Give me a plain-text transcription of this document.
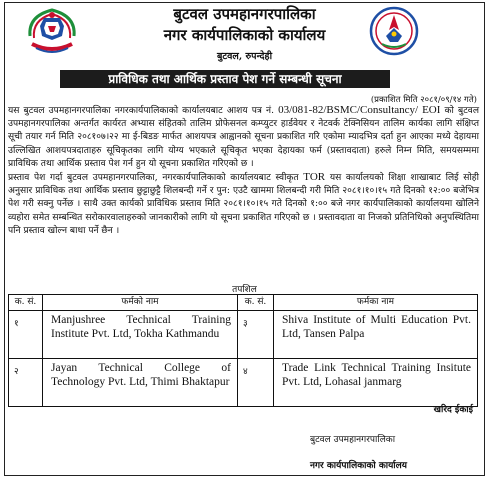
बुटवल उपमहानगरपालिका
नगर कार्यपालिकाको कार्यालय
बुटवल, रुपन्देही
प्राविधिक तथा आर्थिक प्रस्ताव पेश गर्ने सम्बन्धी सूचना
(प्रकाशित मिति २०८१/०९/१४ गते)

यस बुटवल उपमहानगरपालिका नगरकार्यपालिकाको कार्यालयबाट आशय पत्र नं. 03/081-82/BSMC/Consultancy/ EOI को बुटवल उपमहानगरपालिका अन्तर्गत कार्यरत अभ्यास संहितको तालिम प्रोफेसनल कम्प्युटर हार्डवेयर र नेटवर्क टेक्निसियन तालिम कार्यका लागि संक्षिप्त सूची तयार गर्न मिति २०८१०७।२२ मा ई-बिडङ मार्फत आशयपत्र आह्वानको सूचना प्रकाशित गरि एकोमा म्यादभित्र दर्ता हुन आएका मध्ये देहायमा उल्लिखित आशयपत्रदाताहरु सूचिकृतका लागि योग्य भएकाले सूचिकृत भएका देहायका फर्म (प्रस्तावदाता) हरुले निम्न मिति, समयसम्ममा प्राविधिक तथा आर्थिक प्रस्ताव पेश गर्न हुन यो सूचना प्रकाशित गरिएको छ ।

प्रस्ताव पेश गर्दा बुटवल उपमहानगरपालिका, नगरकार्यपालिकाको कार्यालयबाट स्वीकृत TOR यस कार्यालयको शिक्षा शाखाबाट लिई सोही अनुसार प्राविधिक तथा आर्थिक प्रस्ताव छुट्टाछुट्टै शिलबन्दी गर्ने र पुन: एउटै खाममा शिलबन्दी गरी मिति २०८१।१०।१५ गते दिनको १२:०० बजेभित्र पेश गरी सक्नु पर्नेछ । साथै उक्त कार्यको प्राविधिक प्रस्ताव मिति २०८१।१०।१५ गते दिनको १:०० बजे नगर कार्यपालिकाको कार्यालयमा खोलिने व्यहोरा समेत सम्बन्धित सरोकारवालाहरुको जानकारीको लागि यो सूचना प्रकाशित गरिएको छ । प्रस्तावदाता वा निजको प्रतिनिधिको अनुपस्थितिमा पनि प्रस्ताव खोल्न बाधा पर्ने छैन ।

तपशिल
क. सं.	फर्मको नाम	क. सं.	फर्मका नाम
१	Manjushree Technical Training Institute Pvt. Ltd, Tokha Kathmandu	३	Shiva Institute of Multi Education Pvt. Ltd, Tansen Palpa
२	Jayan Technical College of Technology Pvt. Ltd, Thimi Bhaktapur	४	Trade Link Technical Training Insitute Pvt. Ltd, Lohasal janmarg
खरिद ईकाई
बुटवल उपमहानगरपालिका
नगर कार्यपालिकाको कार्यालय
